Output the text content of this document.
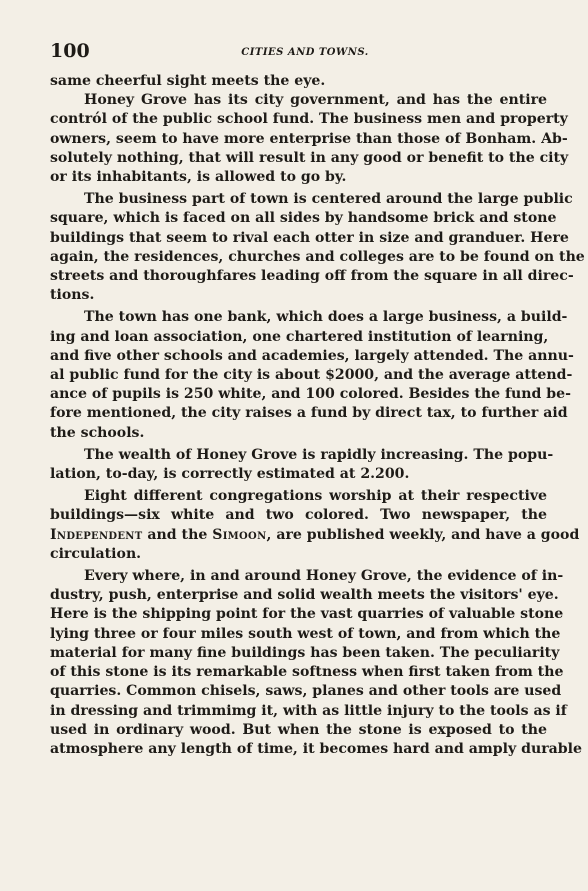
100	CITIES AND TOWNS.
same cheerful sight meets the eye.
Honey Grove has its city government, and has the entire
contról of the public school fund. The business men and property
owners, seem to have more enterprise than those of Bonham. Ab-
solutely nothing, that will result in any good or benefit to the city
or its inhabitants, is allowed to go by.
The business part of town is centered around the large public
square, which is faced on all sides by handsome brick and stone
buildings that seem to rival each otter in size and granduer. Here
again, the residences, churches and colleges are to be found on the
streets and thoroughfares leading off from the square in all direc-
tions.
The town has one bank, which does a large business, a build-
ing and loan association, one chartered institution of learning,
and five other schools and academies, largely attended. The annu-
al public fund for the city is about $2000, and the average attend-
ance of pupils is 250 white, and 100 colored. Besides the fund be-
fore mentioned, the city raises a fund by direct tax, to further aid
the schools.
The wealth of Honey Grove is rapidly increasing. The popu-
lation, to-day, is correctly estimated at 2.200.
Eight different congregations worship at their respective
buildings—six white and two colored. Two newspaper, the
Independent and the Simoon, are published weekly, and have a good
circulation.
Every where, in and around Honey Grove, the evidence of in-
dustry, push, enterprise and solid wealth meets the visitors' eye.
Here is the shipping point for the vast quarries of valuable stone
lying three or four miles south west of town, and from which the
material for many fine buildings has been taken. The peculiarity
of this stone is its remarkable softness when first taken from the
quarries. Common chisels, saws, planes and other tools are used
in dressing and trimmimg it, with as little injury to the tools as if
used in ordinary wood. But when the stone is exposed to the
atmosphere any length of time, it becomes hard and amply durable
